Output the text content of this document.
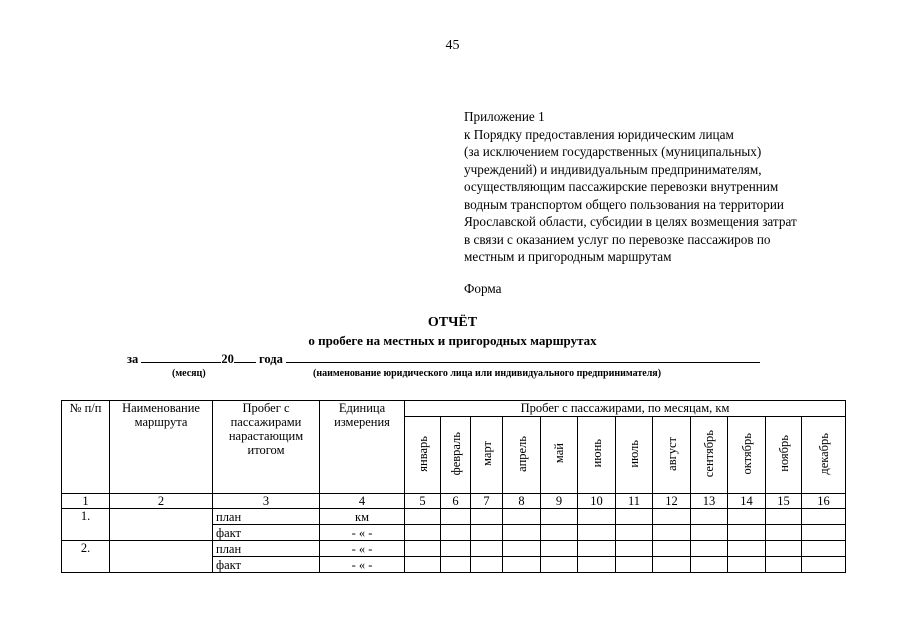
45
Приложение 1
к Порядку предоставления юридическим лицам
(за исключением государственных (муниципальных)
учреждений) и индивидуальным предпринимателям,
осуществляющим пассажирские перевозки внутренним
водным транспортом общего пользования на территории
Ярославской области, субсидии в целях возмещения затрат
в связи с оказанием услуг по перевозке пассажиров по
местным и пригородным маршрутам
Форма
ОТЧЁТ
о пробеге на местных и пригородных маршрутах
за	20 года
(месяц)	(наименование юридического лица или индивидуального предпринимателя)
№ п/п	Наименование маршрута	Пробег с пассажирами нарастающим итогом	Единица измерения	Пробег с пассажирами, по месяцам, км											
				январь	февраль	март	апрель	май	июнь	июль	август	сентябрь	октябрь	ноябрь	декабрь
1	2	3	4	5	6	7	8	9	10	11	12	13	14	15	16
1.		план	км												
		факт	- « -												
2.		план	- « -												
		факт	- « -												
